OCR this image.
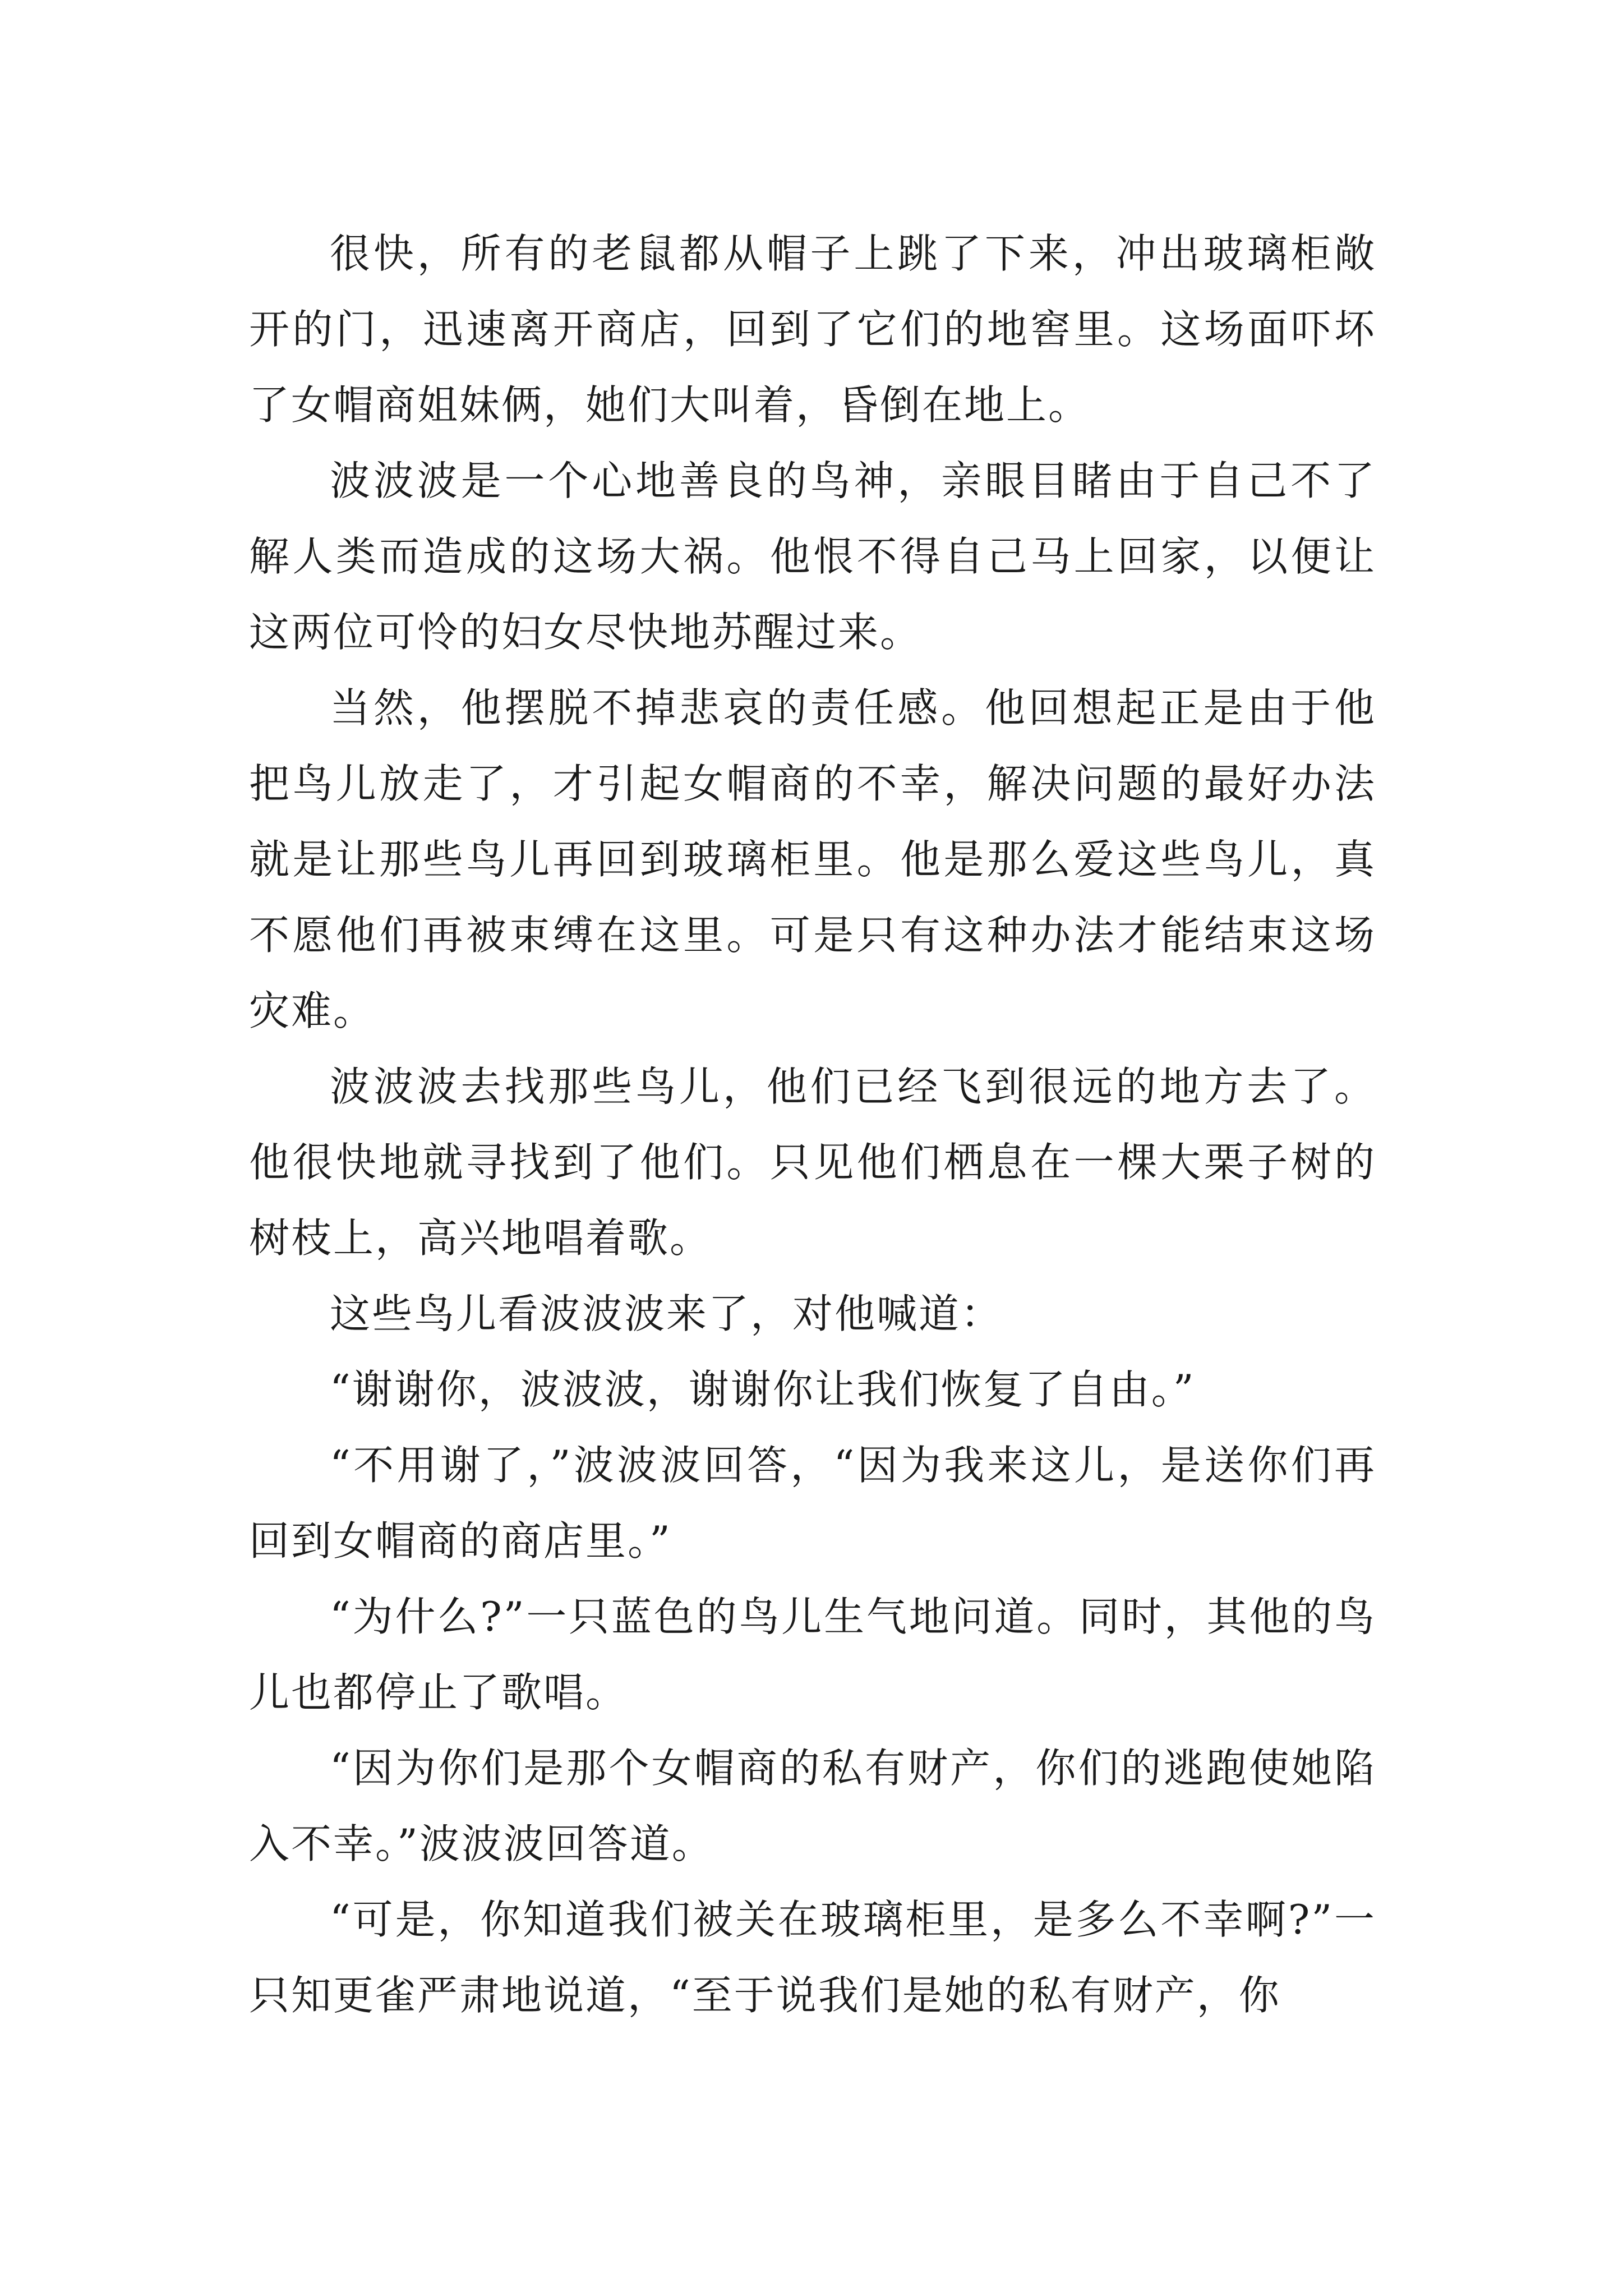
很快，所有的老鼠都从帽子上跳了下来，冲出玻璃柜敞开的门，迅速离开商店，回到了它们的地窖里。这场面吓坏了女帽商姐妹俩，她们大叫着，昏倒在地上。

波波波是一个心地善良的鸟神，亲眼目睹由于自己不了解人类而造成的这场大祸。他恨不得自己马上回家，以便让这两位可怜的妇女尽快地苏醒过来。

当然，他摆脱不掉悲哀的责任感。他回想起正是由于他把鸟儿放走了，才引起女帽商的不幸，解决问题的最好办法就是让那些鸟儿再回到玻璃柜里。他是那么爱这些鸟儿，真不愿他们再被束缚在这里。可是只有这种办法才能结束这场灾难。

波波波去找那些鸟儿，他们已经飞到很远的地方去了。他很快地就寻找到了他们。只见他们栖息在一棵大栗子树的树枝上，高兴地唱着歌。

这些鸟儿看波波波来了，对他喊道：

“谢谢你，波波波，谢谢你让我们恢复了自由。”

“不用谢了，”波波波回答，“因为我来这儿，是送你们再回到女帽商的商店里。”

“为什么?”一只蓝色的鸟儿生气地问道。同时，其他的鸟儿也都停止了歌唱。

“因为你们是那个女帽商的私有财产，你们的逃跑使她陷入不幸。”波波波回答道。

“可是，你知道我们被关在玻璃柜里，是多么不幸啊?”一只知更雀严肃地说道，“至于说我们是她的私有财产，你
